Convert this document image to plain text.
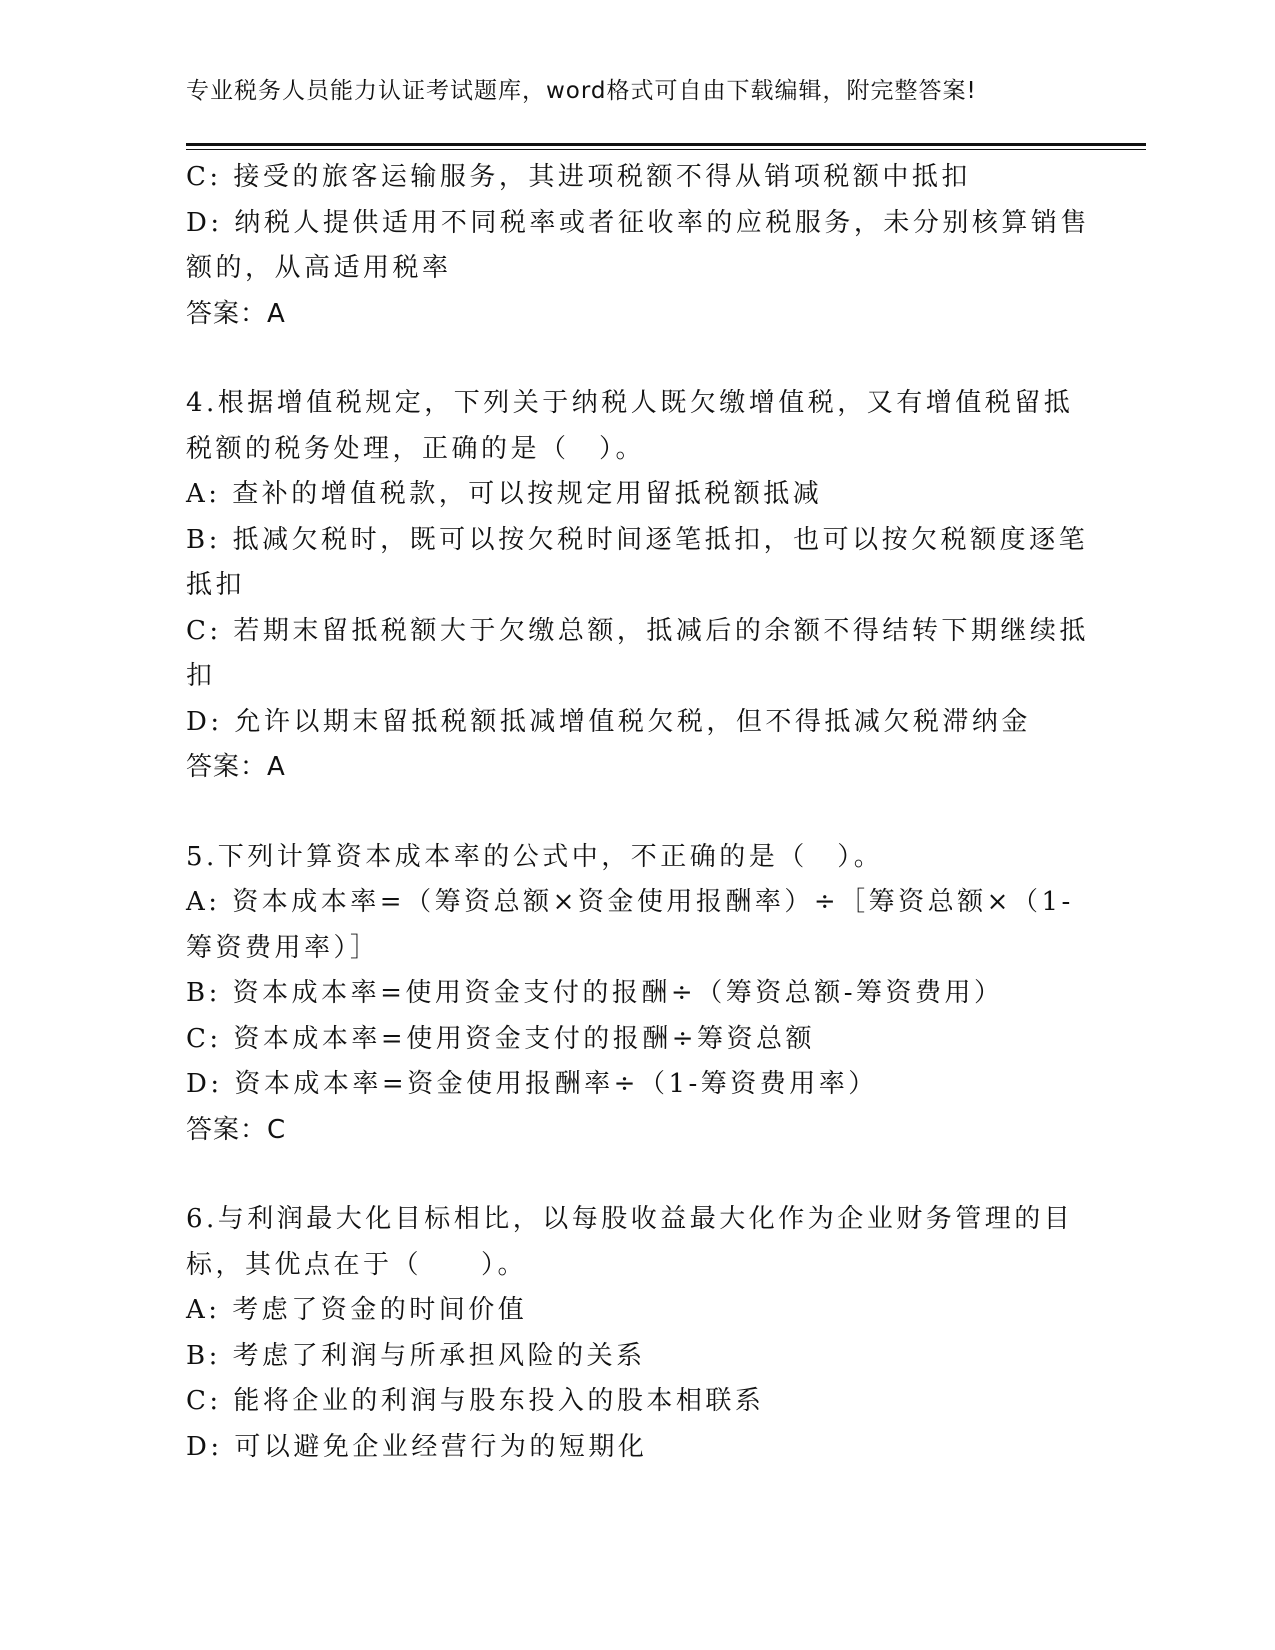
专业税务人员能力认证考试题库，word格式可自由下载编辑，附完整答案!
C: 接受的旅客运输服务，其进项税额不得从销项税额中抵扣
D: 纳税人提供适用不同税率或者征收率的应税服务，未分别核算销售
额的，从高适用税率
答案：A
4.根据增值税规定，下列关于纳税人既欠缴增值税，又有增值税留抵
税额的税务处理，正确的是（　）。
A: 查补的增值税款，可以按规定用留抵税额抵减
B: 抵减欠税时，既可以按欠税时间逐笔抵扣，也可以按欠税额度逐笔
抵扣
C: 若期末留抵税额大于欠缴总额，抵减后的余额不得结转下期继续抵
扣
D: 允许以期末留抵税额抵减增值税欠税，但不得抵减欠税滞纳金
答案：A
5.下列计算资本成本率的公式中，不正确的是（　）。
A: 资本成本率=（筹资总额×资金使用报酬率）÷［筹资总额×（1-
筹资费用率）］
B: 资本成本率=使用资金支付的报酬÷（筹资总额-筹资费用）
C: 资本成本率=使用资金支付的报酬÷筹资总额
D: 资本成本率=资金使用报酬率÷（1-筹资费用率）
答案：C
6.与利润最大化目标相比，以每股收益最大化作为企业财务管理的目
标，其优点在于（　　）。
A: 考虑了资金的时间价值
B: 考虑了利润与所承担风险的关系
C: 能将企业的利润与股东投入的股本相联系
D: 可以避免企业经营行为的短期化
